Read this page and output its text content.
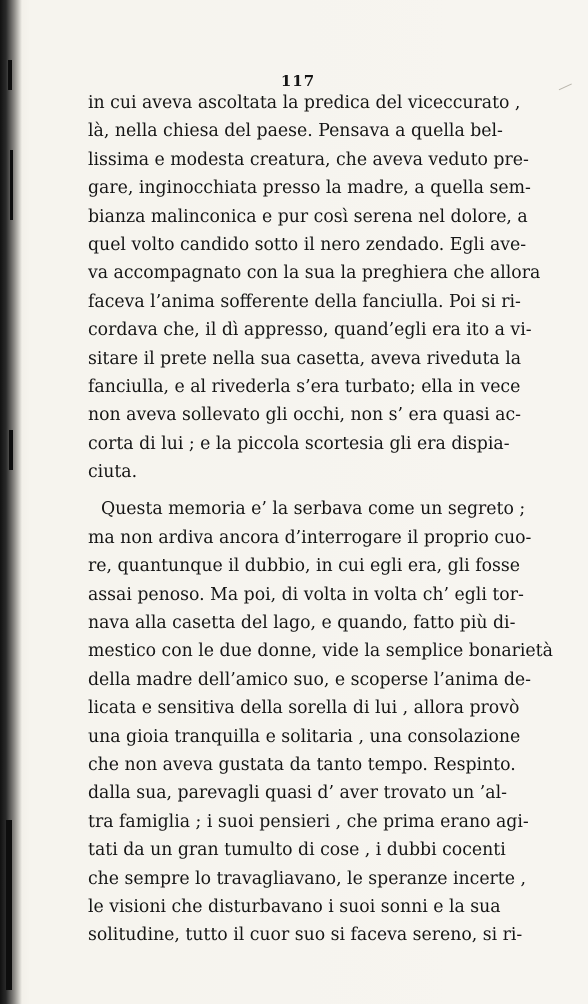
117
in cui aveva ascoltata la predica del viceccurato ,
là, nella chiesa del paese. Pensava a quella bel-
lissima e modesta creatura, che aveva veduto pre-
gare, inginocchiata presso la madre, a quella sem-
bianza malinconica e pur così serena nel dolore, a
quel volto candido sotto il nero zendado. Egli ave-
va accompagnato con la sua la preghiera che allora
faceva l’anima sofferente della fanciulla. Poi si ri-
cordava che, il dì appresso, quand’egli era ito a vi-
sitare il prete nella sua casetta, aveva riveduta la
fanciulla, e al rivederla s’era turbato; ella in vece
non aveva sollevato gli occhi, non s’ era quasi ac-
corta di lui ; e la piccola scortesia gli era dispia-
ciuta.
Questa memoria e’ la serbava come un segreto ;
ma non ardiva ancora d’interrogare il proprio cuo-
re, quantunque il dubbio, in cui egli era, gli fosse
assai penoso. Ma poi, di volta in volta ch’ egli tor-
nava alla casetta del lago, e quando, fatto più di-
mestico con le due donne, vide la semplice bonarietà
della madre dell’amico suo, e scoperse l’anima de-
licata e sensitiva della sorella di lui , allora provò
una gioia tranquilla e solitaria , una consolazione
che non aveva gustata da tanto tempo. Respinto.
dalla sua, parevagli quasi d’ aver trovato un ’al-
tra famiglia ; i suoi pensieri , che prima erano agi-
tati da un gran tumulto di cose , i dubbi cocenti
che sempre lo travagliavano, le speranze incerte ,
le visioni che disturbavano i suoi sonni e la sua
solitudine, tutto il cuor suo si faceva sereno, si ri-
